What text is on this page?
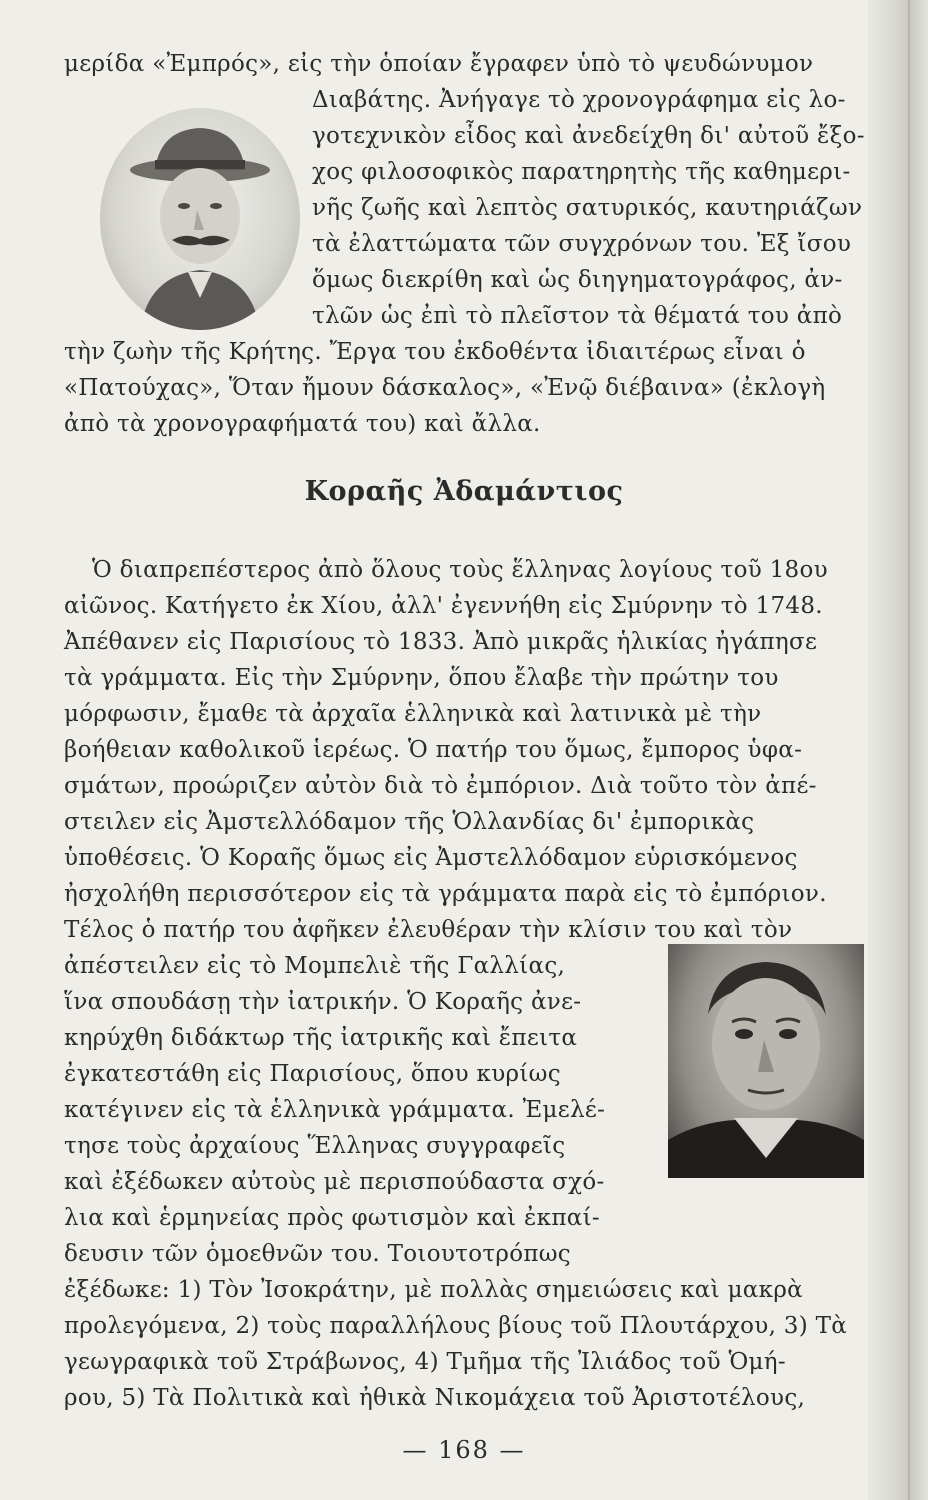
μερίδα «Ἐμπρός», εἰς τὴν ὁποίαν ἔγραφεν ὑπὸ τὸ ψευδώνυμον
Διαβάτης. Ἀνήγαγε τὸ χρονογράφημα εἰς λο-
γοτεχνικὸν εἶδος καὶ ἀνεδείχθη δι' αὐτοῦ ἔξο-
χος φιλοσοφικὸς παρατηρητὴς τῆς καθημερι-
νῆς ζωῆς καὶ λεπτὸς σατυρικός, καυτηριάζων
τὰ ἐλαττώματα τῶν συγχρόνων του. Ἐξ ἴσου
ὅμως διεκρίθη καὶ ὡς διηγηματογράφος, ἀν-
τλῶν ὡς ἐπὶ τὸ πλεῖστον τὰ θέματά του ἀπὸ
τὴν ζωὴν τῆς Κρήτης. Ἔργα του ἐκδοθέντα ἰδιαιτέρως εἶναι ὁ
«Πατούχας», Ὅταν ἤμουν δάσκαλος», «Ἐνῷ διέβαινα» (ἐκλογὴ
ἀπὸ τὰ χρονογραφήματά του) καὶ ἄλλα.
Κοραῆς Ἀδαμάντιος
Ὁ διαπρεπέστερος ἀπὸ ὅλους τοὺς ἕλληνας λογίους τοῦ 18ου
αἰῶνος. Κατήγετο ἐκ Χίου, ἀλλ' ἐγεννήθη εἰς Σμύρνην τὸ 1748.
Ἀπέθανεν εἰς Παρισίους τὸ 1833. Ἀπὸ μικρᾶς ἡλικίας ἠγάπησε
τὰ γράμματα. Εἰς τὴν Σμύρνην, ὅπου ἔλαβε τὴν πρώτην του
μόρφωσιν, ἔμαθε τὰ ἀρχαῖα ἑλληνικὰ καὶ λατινικὰ μὲ τὴν
βοήθειαν καθολικοῦ ἱερέως. Ὁ πατήρ του ὅμως, ἔμπορος ὑφα-
σμάτων, προώριζεν αὐτὸν διὰ τὸ ἐμπόριον. Διὰ τοῦτο τὸν ἀπέ-
στειλεν εἰς Ἀμστελλόδαμον τῆς Ὁλλανδίας δι' ἐμπορικὰς
ὑποθέσεις. Ὁ Κοραῆς ὅμως εἰς Ἀμστελλόδαμον εὑρισκόμενος
ἠσχολήθη περισσότερον εἰς τὰ γράμματα παρὰ εἰς τὸ ἐμπόριον.
Τέλος ὁ πατήρ του ἀφῆκεν ἐλευθέραν τὴν κλίσιν του καὶ τὸν
ἀπέστειλεν εἰς τὸ Μομπελιὲ τῆς Γαλλίας,
ἵνα σπουδάσῃ τὴν ἰατρικήν. Ὁ Κοραῆς ἀνε-
κηρύχθη διδάκτωρ τῆς ἰατρικῆς καὶ ἔπειτα
ἐγκατεστάθη εἰς Παρισίους, ὅπου κυρίως
κατέγινεν εἰς τὰ ἑλληνικὰ γράμματα. Ἐμελέ-
τησε τοὺς ἀρχαίους Ἕλληνας συγγραφεῖς
καὶ ἐξέδωκεν αὐτοὺς μὲ περισπούδαστα σχό-
λια καὶ ἑρμηνείας πρὸς φωτισμὸν καὶ ἐκπαί-
δευσιν τῶν ὁμοεθνῶν του. Τοιουτοτρόπως
ἐξέδωκε: 1) Τὸν Ἰσοκράτην, μὲ πολλὰς σημειώσεις καὶ μακρὰ
προλεγόμενα, 2) τοὺς παραλλήλους βίους τοῦ Πλουτάρχου, 3) Τὰ
γεωγραφικὰ τοῦ Στράβωνος, 4) Τμῆμα τῆς Ἰλιάδος τοῦ Ὁμή-
ρου, 5) Τὰ Πολιτικὰ καὶ ἠθικὰ Νικομάχεια τοῦ Ἀριστοτέλους,
— 168 —
